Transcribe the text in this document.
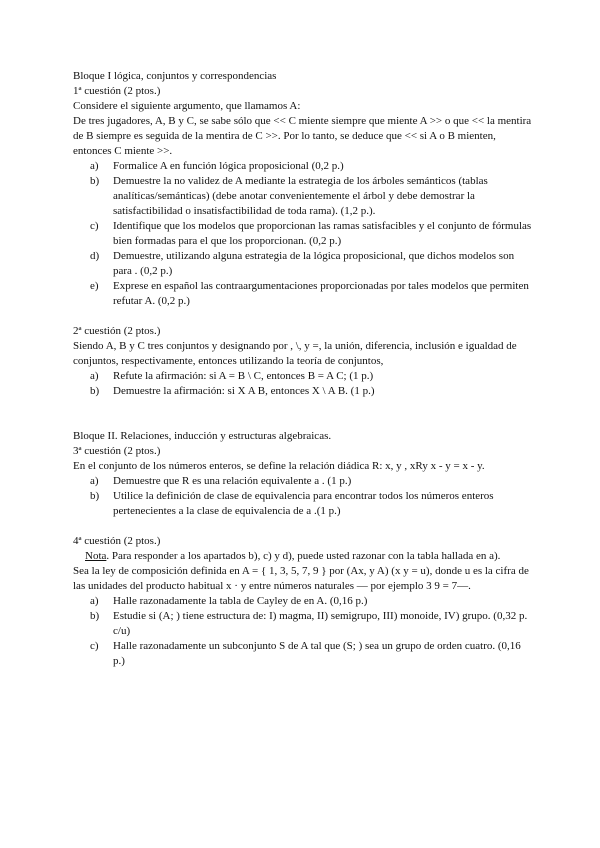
Bloque I lógica, conjuntos y correspondencias

1ª cuestión (2 ptos.)

Considere el siguiente argumento, que llamamos A:

De tres jugadores, A, B y C, se sabe sólo que << C miente siempre que miente A >> o que << la mentira de B siempre es seguida de la mentira de C >>. Por lo tanto, se deduce que << si A o B mienten, entonces C miente >>.

a) Formalice A en función lógica proposicional (0,2 p.)
b) Demuestre la no validez de A mediante la estrategia de los árboles semánticos (tablas analíticas/semánticas) (debe anotar convenientemente el árbol y debe demostrar la satisfactibilidad o insatisfactibilidad de toda rama). (1,2 p.).
c) Identifique que los modelos que proporcionan las ramas satisfacibles y el conjunto de fórmulas bien formadas para el que los proporcionan. (0,2 p.)
d) Demuestre, utilizando alguna estrategia de la lógica proposicional, que dichos modelos son para . (0,2 p.)
e) Exprese en español las contraargumentaciones proporcionadas por tales modelos que permiten refutar A. (0,2 p.)

2ª cuestión (2 ptos.)

Siendo A, B y C tres conjuntos y designando por , \, y =, la unión, diferencia, inclusión e igualdad de conjuntos, respectivamente, entonces utilizando la teoría de conjuntos,

a) Refute la afirmación: si A = B \ C, entonces B = A C; (1 p.)
b) Demuestre la afirmación: si X A B, entonces X \ A B. (1 p.)

Bloque II. Relaciones, inducción y estructuras algebraicas.

3ª cuestión (2 ptos.)

En el conjunto de los números enteros, se define la relación diádica R: x, y , xRy x - y = x - y.

a) Demuestre que R es una relación equivalente a . (1 p.)
b) Utilice la definición de clase de equivalencia para encontrar todos los números enteros pertenecientes a la clase de equivalencia de a .(1 p.)

4ª cuestión (2 ptos.)

Nota. Para responder a los apartados b), c) y d), puede usted razonar con la tabla hallada en a).

Sea la ley de composición definida en A = { 1, 3, 5, 7, 9 } por (Ax, y A) (x y = u), donde u es la cifra de las unidades del producto habitual x · y entre números naturales — por ejemplo 3 9 = 7—.

a) Halle razonadamente la tabla de Cayley de en A. (0,16 p.)
b) Estudie si (A; ) tiene estructura de: I) magma, II) semigrupo, III) monoide, IV) grupo. (0,32 p. c/u)
c) Halle razonadamente un subconjunto S de A tal que (S; ) sea un grupo de orden cuatro. (0,16 p.)
